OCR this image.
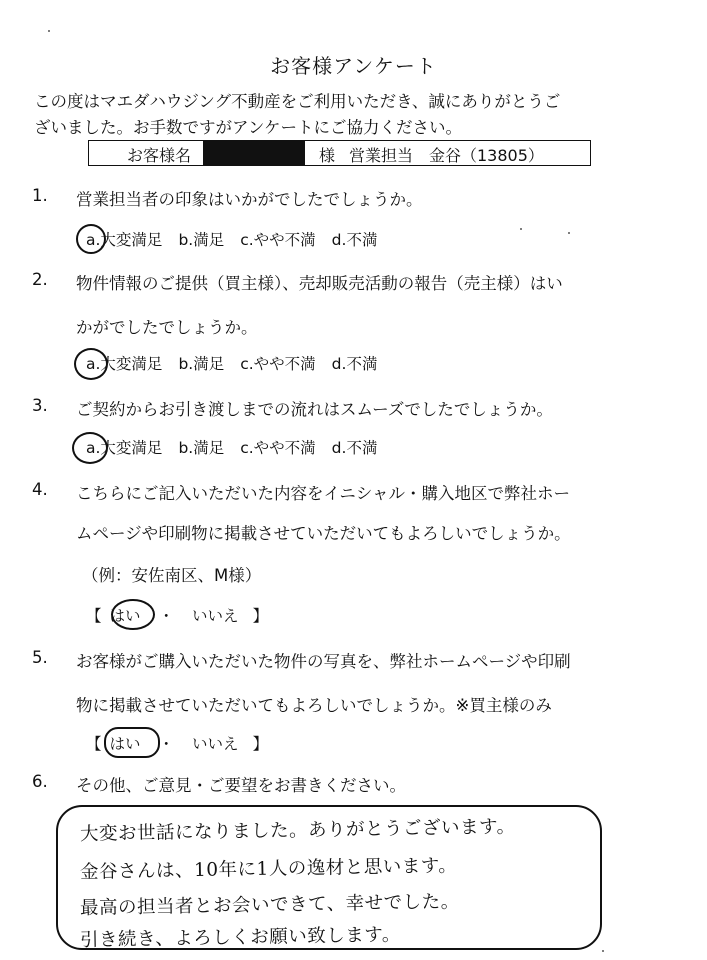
お客様アンケート
この度はマエダハウジング不動産をご利用いただき、誠にありがとうご
ざいました。お手数ですがアンケートにご協力ください。
お客様名	様 営業担当　金谷（13805）
1. 営業担当者の印象はいかがでしたでしょうか。
a.大変満足 b.満足 c.やや不満 d.不満
2. 物件情報のご提供（買主様）、売却販売活動の報告（売主様）はい
かがでしたでしょうか。
a.大変満足 b.満足 c.やや不満 d.不満
3. ご契約からお引き渡しまでの流れはスムーズでしたでしょうか。
a.大変満足 b.満足 c.やや不満 d.不満
4. こちらにご記入いただいた内容をイニシャル・購入地区で弊社ホー
ムページや印刷物に掲載させていただいてもよろしいでしょうか。
（例：安佐南区、M様）
【 はい ・ いいえ 】
5. お客様がご購入いただいた物件の写真を、弊社ホームページや印刷
物に掲載させていただいてもよろしいでしょうか。※買主様のみ
【 はい ・ いいえ 】
6. その他、ご意見・ご要望をお書きください。
大変お世話になりました。ありがとうございます。
金谷さんは、10年に1人の逸材と思います。
最高の担当者とお会いできて、幸せでした。
引き続き、よろしくお願い致します。
